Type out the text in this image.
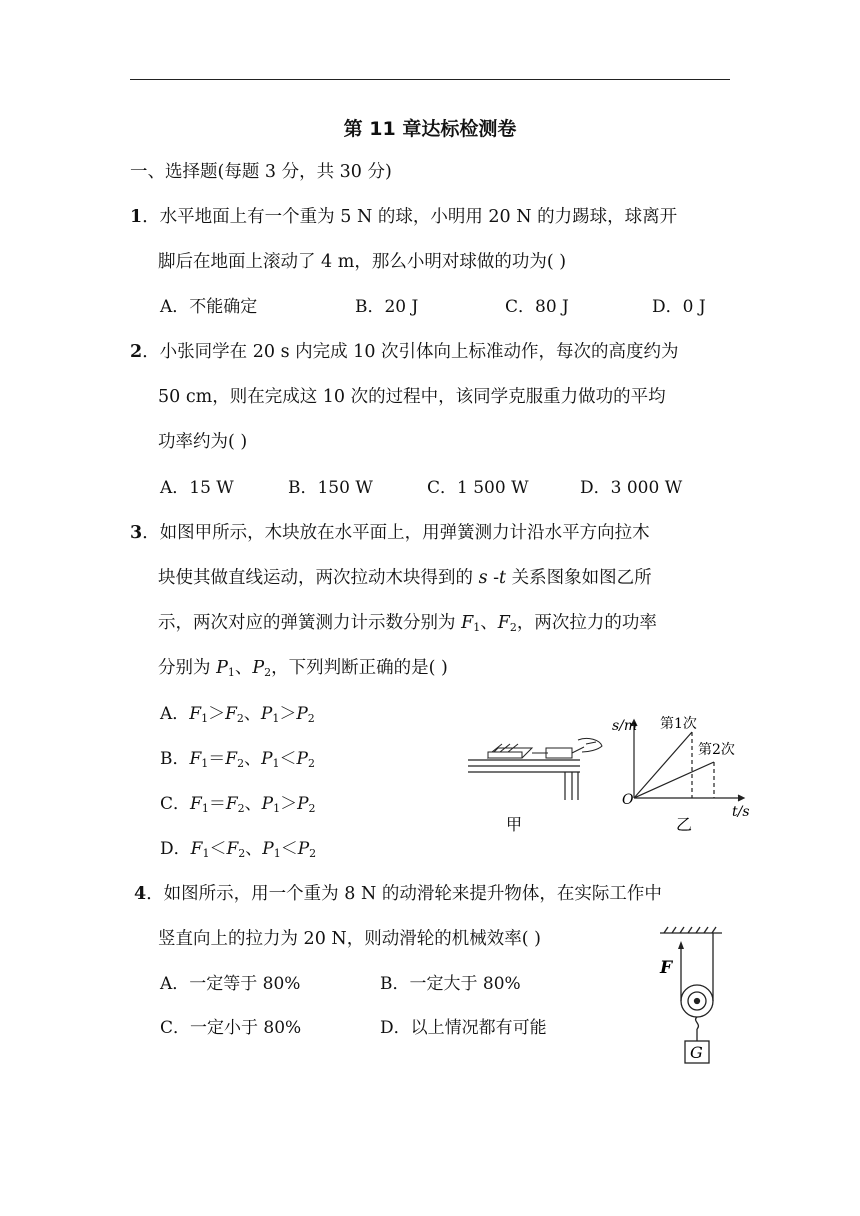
第 11 章达标检测卷
一、选择题(每题 3 分，共 30 分)
1．水平地面上有一个重为 5 N 的球，小明用 20 N 的力踢球，球离开
脚后在地面上滚动了 4 m，那么小明对球做的功为( )
A．不能确定	B．20 J	C．80 J	D．0 J
2．小张同学在 20 s 内完成 10 次引体向上标准动作，每次的高度约为
50 cm，则在完成这 10 次的过程中，该同学克服重力做功的平均
功率约为( )
A．15 W	B．150 W	C．1 500 W	D．3 000 W
3．如图甲所示，木块放在水平面上，用弹簧测力计沿水平方向拉木
块使其做直线运动，两次拉动木块得到的 s -t 关系图象如图乙所
示，两次对应的弹簧测力计示数分别为 $F_1$、$F_2$，两次拉力的功率
分别为 $P_1$、$P_2$，下列判断正确的是( )
A．$F_1>F_2$、$P_1>P_2$
B．$F_1=F_2$、$P_1<P_2$
C．$F_1=F_2$、$P_1>P_2$
D．$F_1<F_2$、$P_1<P_2$
甲
s/m
t/s
O
第1次
第2次
乙
4．如图所示，用一个重为 8 N 的动滑轮来提升物体，在实际工作中
竖直向上的拉力为 20 N，则动滑轮的机械效率( )
A．一定等于 80%	B．一定大于 80%
C．一定小于 80%	D．以上情况都有可能
F
G
